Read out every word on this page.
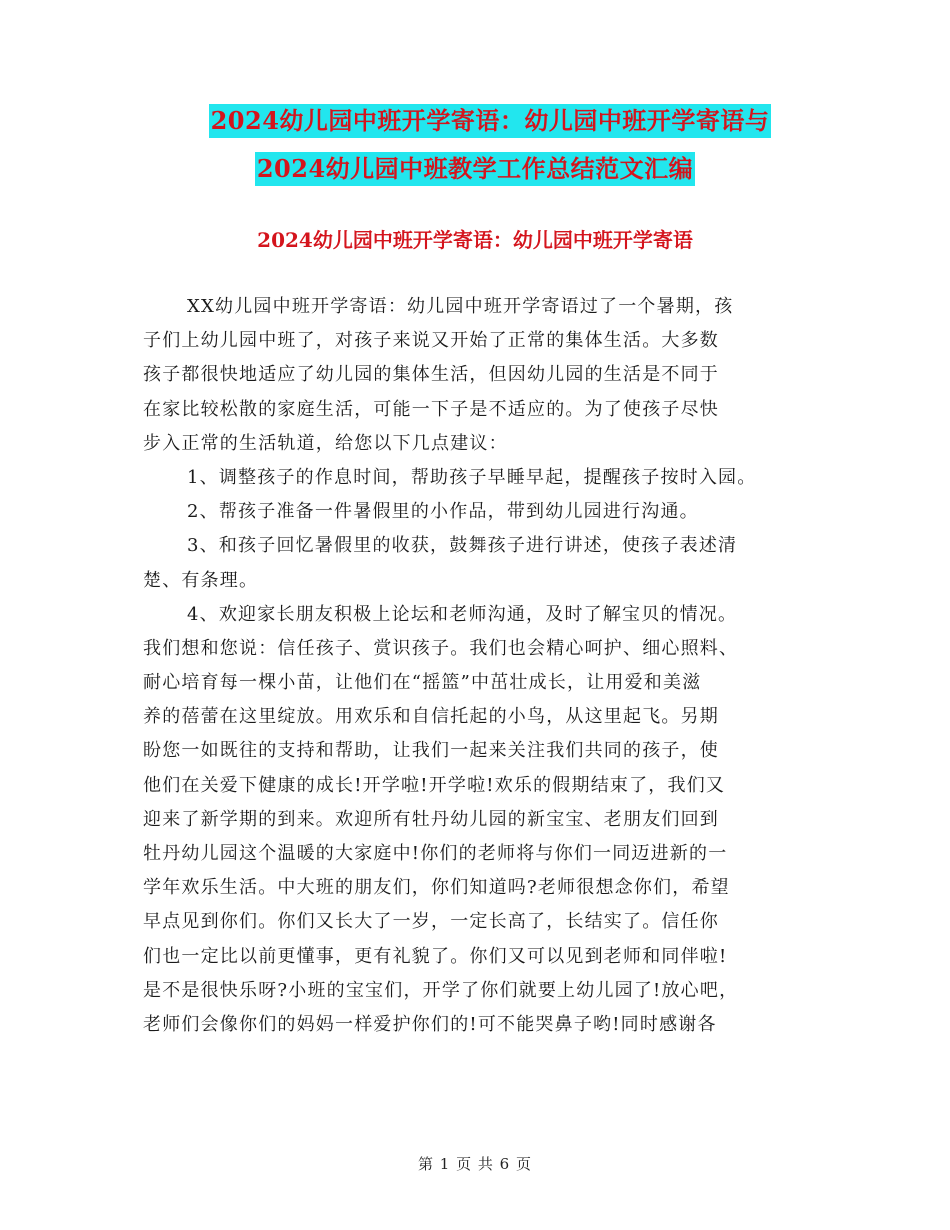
2024幼儿园中班开学寄语：幼儿园中班开学寄语与
2024幼儿园中班教学工作总结范文汇编
2024幼儿园中班开学寄语：幼儿园中班开学寄语
XX幼儿园中班开学寄语：幼儿园中班开学寄语过了一个暑期，孩
子们上幼儿园中班了，对孩子来说又开始了正常的集体生活。大多数
孩子都很快地适应了幼儿园的集体生活，但因幼儿园的生活是不同于
在家比较松散的家庭生活，可能一下子是不适应的。为了使孩子尽快
步入正常的生活轨道，给您以下几点建议：
1、调整孩子的作息时间，帮助孩子早睡早起，提醒孩子按时入园。
2、帮孩子准备一件暑假里的小作品，带到幼儿园进行沟通。
3、和孩子回忆暑假里的收获，鼓舞孩子进行讲述，使孩子表述清
楚、有条理。
4、欢迎家长朋友积极上论坛和老师沟通，及时了解宝贝的情况。
我们想和您说：信任孩子、赏识孩子。我们也会精心呵护、细心照料、
耐心培育每一棵小苗，让他们在“摇篮”中茁壮成长，让用爱和美滋
养的蓓蕾在这里绽放。用欢乐和自信托起的小鸟，从这里起飞。另期
盼您一如既往的支持和帮助，让我们一起来关注我们共同的孩子，使
他们在关爱下健康的成长!开学啦!开学啦!欢乐的假期结束了，我们又
迎来了新学期的到来。欢迎所有牡丹幼儿园的新宝宝、老朋友们回到
牡丹幼儿园这个温暖的大家庭中!你们的老师将与你们一同迈进新的一
学年欢乐生活。中大班的朋友们，你们知道吗?老师很想念你们，希望
早点见到你们。你们又长大了一岁，一定长高了，长结实了。信任你
们也一定比以前更懂事，更有礼貌了。你们又可以见到老师和同伴啦!
是不是很快乐呀?小班的宝宝们，开学了你们就要上幼儿园了!放心吧，
老师们会像你们的妈妈一样爱护你们的!可不能哭鼻子哟!同时感谢各
第 1 页 共 6 页
